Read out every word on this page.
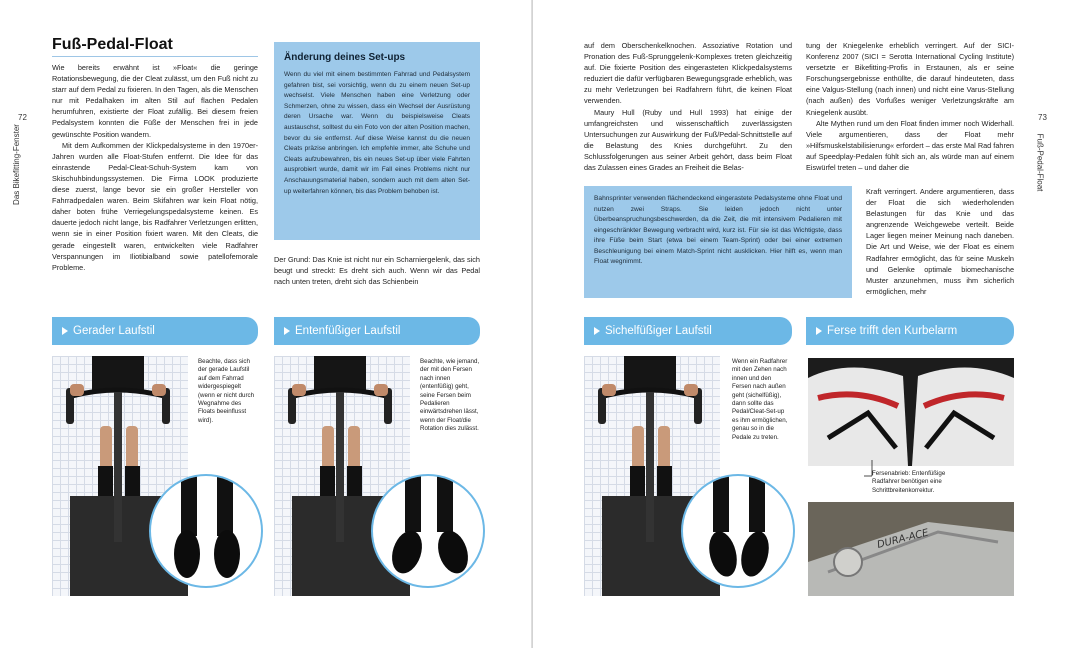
72
Das Bikefitting-Fenster
Fuß-Pedal-Float
Wie bereits erwähnt ist »Float« die geringe Rotationsbewegung, die der Cleat zulässt, um den Fuß nicht zu starr auf dem Pedal zu fixieren. In den Tagen, als die Menschen nur mit Pedalhaken im alten Stil auf flachen Pedalen herumfuhren, existierte der Float zufällig. Bei diesem freien Pedalsystem konnten die Füße der Menschen frei in jede gewünschte Position wandern.
Mit dem Aufkommen der Klickpedalsysteme in den 1970er-Jahren wurden alle Float-Stufen entfernt. Die Idee für das einrastende Pedal-Cleat-Schuh-System kam von Skischuhbindungssystemen. Die Firma LOOK produzierte diese zuerst, lange bevor sie ein großer Hersteller von Fahrradpedalen waren. Beim Skifahren war kein Float nötig, daher boten frühe Verriegelungspedalsysteme keinen. Es dauerte jedoch nicht lange, bis Radfahrer Verletzungen erlitten, wenn sie in einer Position fixiert waren. Mit den Cleats, die gerade eingestellt waren, entwickelten viele Radfahrer Verspannungen im Iliotibialband sowie patellofemorale Probleme.
Änderung deines Set-ups

Wenn du viel mit einem bestimmten Fahrrad und Pedalsystem gefahren bist, sei vorsichtig, wenn du zu einem neuen Set-up wechselst. Viele Menschen haben eine Verletzung oder Schmerzen, ohne zu wissen, dass ein Wechsel der Ausrüstung deren Ursache war. Wenn du beispielsweise Cleats austauschst, solltest du ein Foto von der alten Position machen, bevor du sie entfernst. Auf diese Weise kannst du die neuen Cleats präzise anbringen. Ich empfehle immer, alte Schuhe und Cleats aufzubewahren, bis ein neues Set-up über viele Fahrten ausprobiert wurde, damit wir im Fall eines Problems nicht nur Anschauungsmaterial haben, sondern auch mit dem alten Set-up weiterfahren können, bis das Problem behoben ist.

Der Grund: Das Knie ist nicht nur ein Scharniergelenk, das sich beugt und streckt: Es dreht sich auch. Wenn wir das Pedal nach unten treten, dreht sich das Schienbein
Gerader Laufstil
Beachte, dass sich der gerade Laufstil auf dem Fahrrad widergespiegelt (wenn er nicht durch Wegnahme des Floats beeinflusst wird).
Entenfüßiger Laufstil
Beachte, wie jemand, der mit den Fersen nach innen (entenfüßig) geht, seine Fersen beim Pedalieren einwärtsdrehen lässt, wenn der Float/die Rotation dies zulässt.
73
Fuß-Pedal-Float
auf dem Oberschenkelknochen. Assoziative Rotation und Pronation des Fuß-Sprunggelenk-Komplexes treten gleichzeitig auf. Die fixierte Position des eingerasteten Klickpedalsystems reduziert die dafür verfügbaren Bewegungsgrade erheblich, was zu mehr Verletzungen bei Radfahrern führt, die keinen Float verwenden.
Maury Hull (Ruby und Hull 1993) hat einige der umfangreichsten und wissenschaftlich zuverlässigsten Untersuchungen zur Auswirkung der Fuß/Pedal-Schnittstelle auf die Belastung des Knies durchgeführt. Zu den Schlussfolgerungen aus seiner Arbeit gehört, dass beim Float das Zulassen eines Grades an Freiheit die Belas-
tung der Kniegelenke erheblich verringert. Auf der SICI-Konferenz 2007 (SICI = Serotta International Cycling Institute) versetzte er Bikefitting-Profis in Erstaunen, als er seine Forschungsergebnisse enthüllte, die darauf hindeuteten, dass eine Valgus-Stellung (nach innen) und nicht eine Varus-Stellung (nach außen) des Vorfußes weniger Verletzungskräfte am Kniegelenk ausübt.
Alte Mythen rund um den Float finden immer noch Widerhall. Viele argumentieren, dass der Float mehr »Hilfsmuskelstabilisierung« erfordert – das erste Mal Rad fahren auf Speedplay-Pedalen fühlt sich an, als würde man auf einem Eiswürfel treten – und daher die
Kraft verringert. Andere argumentieren, dass der Float die sich wiederholenden Belastungen für das Knie und das angrenzende Weichgewebe verteilt. Beide Lager liegen meiner Meinung nach daneben. Die Art und Weise, wie der Float es einem Radfahrer ermöglicht, das für seine Muskeln und Gelenke optimale biomechanische Muster anzunehmen, muss ihm sicherlich ermöglichen, mehr

Bahnsprinter verwenden flächendeckend eingerastete Pedalsysteme ohne Float und nutzen zwei Straps. Sie leiden jedoch nicht unter Überbeanspruchungsbeschwerden, da die Zeit, die mit intensivem Pedalieren mit eingeschränkter Bewegung verbracht wird, kurz ist. Für sie ist das Wichtigste, dass ihre Füße beim Start (etwa bei einem Team-Sprint) oder bei einer extremen Beschleunigung bei einem Match-Sprint nicht ausklicken. Hier hilft es, wenn man Float wegnimmt.

Sichelfüßiger Laufstil
Wenn ein Radfahrer mit den Zehen nach innen und den Fersen nach außen geht (sichelfüßig), dann sollte das Pedal/Cleat-Set-up es ihm ermöglichen, genau so in die Pedale zu treten.
Ferse trifft den Kurbelarm
Fersenabrieb: Entenfüßige Radfahrer benötigen eine Schrittbreitenkorrektur.
DURA-ACE
